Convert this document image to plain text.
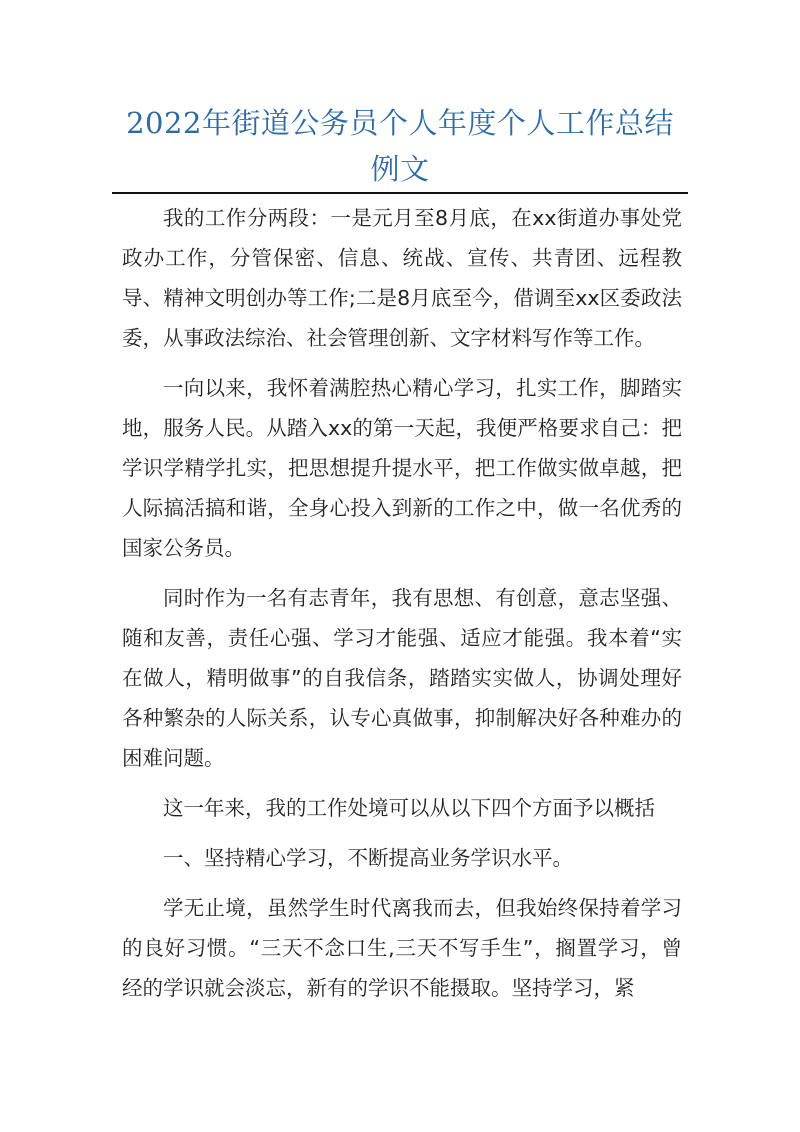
2022年街道公务员个人年度个人工作总结
例文

我的工作分两段：一是元月至8月底，在xx街道办事处党政办工作，分管保密、信息、统战、宣传、共青团、远程教导、精神文明创办等工作;二是8月底至今，借调至xx区委政法委，从事政法综治、社会管理创新、文字材料写作等工作。

一向以来，我怀着满腔热心精心学习，扎实工作，脚踏实地，服务人民。从踏入xx的第一天起，我便严格要求自己：把学识学精学扎实，把思想提升提水平，把工作做实做卓越，把人际搞活搞和谐，全身心投入到新的工作之中，做一名优秀的国家公务员。

同时作为一名有志青年，我有思想、有创意，意志坚强、随和友善，责任心强、学习才能强、适应才能强。我本着“实在做人，精明做事”的自我信条，踏踏实实做人，协调处理好各种繁杂的人际关系，认专心真做事，抑制解决好各种难办的困难问题。

这一年来，我的工作处境可以从以下四个方面予以概括

一、坚持精心学习，不断提高业务学识水平。

学无止境，虽然学生时代离我而去，但我始终保持着学习的良好习惯。“三天不念口生,三天不写手生”，搁置学习，曾经的学识就会淡忘，新有的学识不能摄取。坚持学习，紧
